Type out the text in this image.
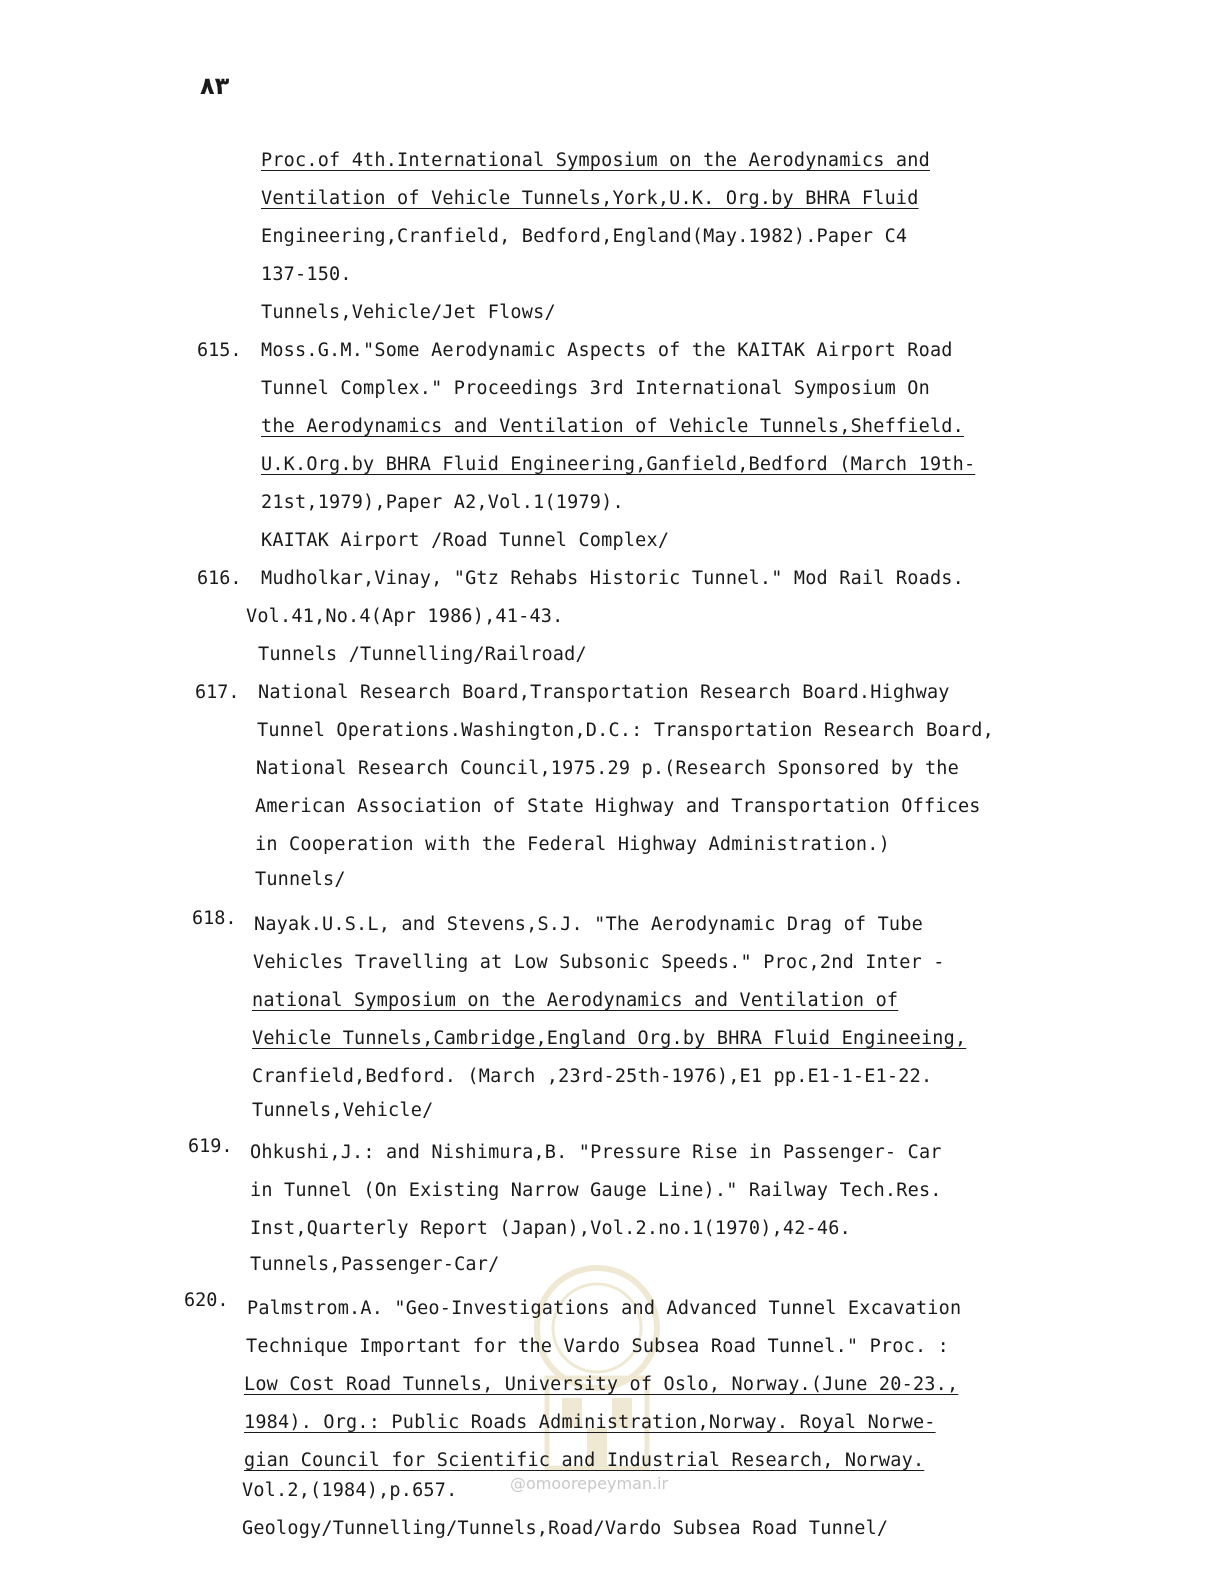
۸۳
Proc.of 4th.International Symposium on the Aerodynamics and
Ventilation of Vehicle Tunnels,York,U.K. Org.by BHRA Fluid
Engineering,Cranfield, Bedford,England(May.1982).Paper C4
137-150.
Tunnels,Vehicle/Jet Flows/
615. Moss.G.M."Some Aerodynamic Aspects of the KAITAK Airport Road
Tunnel Complex." Proceedings 3rd International Symposium On
the Aerodynamics and Ventilation of Vehicle Tunnels,Sheffield.
U.K.Org.by BHRA Fluid Engineering,Ganfield,Bedford (March 19th-
21st,1979),Paper A2,Vol.1(1979).
KAITAK Airport /Road Tunnel Complex/
616. Mudholkar,Vinay, "Gtz Rehabs Historic Tunnel." Mod Rail Roads.
Vol.41,No.4(Apr 1986),41-43.
Tunnels /Tunnelling/Railroad/
617. National Research Board,Transportation Research Board.Highway
Tunnel Operations.Washington,D.C.: Transportation Research Board,
National Research Council,1975.29 p.(Research Sponsored by the
American Association of State Highway and Transportation Offices
in Cooperation with the Federal Highway Administration.)
Tunnels/
618. Nayak.U.S.L, and Stevens,S.J. "The Aerodynamic Drag of Tube
Vehicles Travelling at Low Subsonic Speeds." Proc,2nd Inter -
national Symposium on the Aerodynamics and Ventilation of
Vehicle Tunnels,Cambridge,England Org.by BHRA Fluid Engineeing,
Cranfield,Bedford. (March ,23rd-25th-1976),E1 pp.E1-1-E1-22.
Tunnels,Vehicle/
619. Ohkushi,J.: and Nishimura,B. "Pressure Rise in Passenger- Car
in Tunnel (On Existing Narrow Gauge Line)." Railway Tech.Res.
Inst,Quarterly Report (Japan),Vol.2.no.1(1970),42-46.
Tunnels,Passenger-Car/
620. Palmstrom.A. "Geo-Investigations and Advanced Tunnel Excavation
Technique Important for the Vardo Subsea Road Tunnel." Proc. :
Low Cost Road Tunnels, University of Oslo, Norway.(June 20-23.,
1984). Org.: Public Roads Administration,Norway. Royal Norwe-
gian Council for Scientific and Industrial Research, Norway.
Vol.2,(1984),p.657.
Geology/Tunnelling/Tunnels,Road/Vardo Subsea Road Tunnel/
@omoorepeyman.ir
